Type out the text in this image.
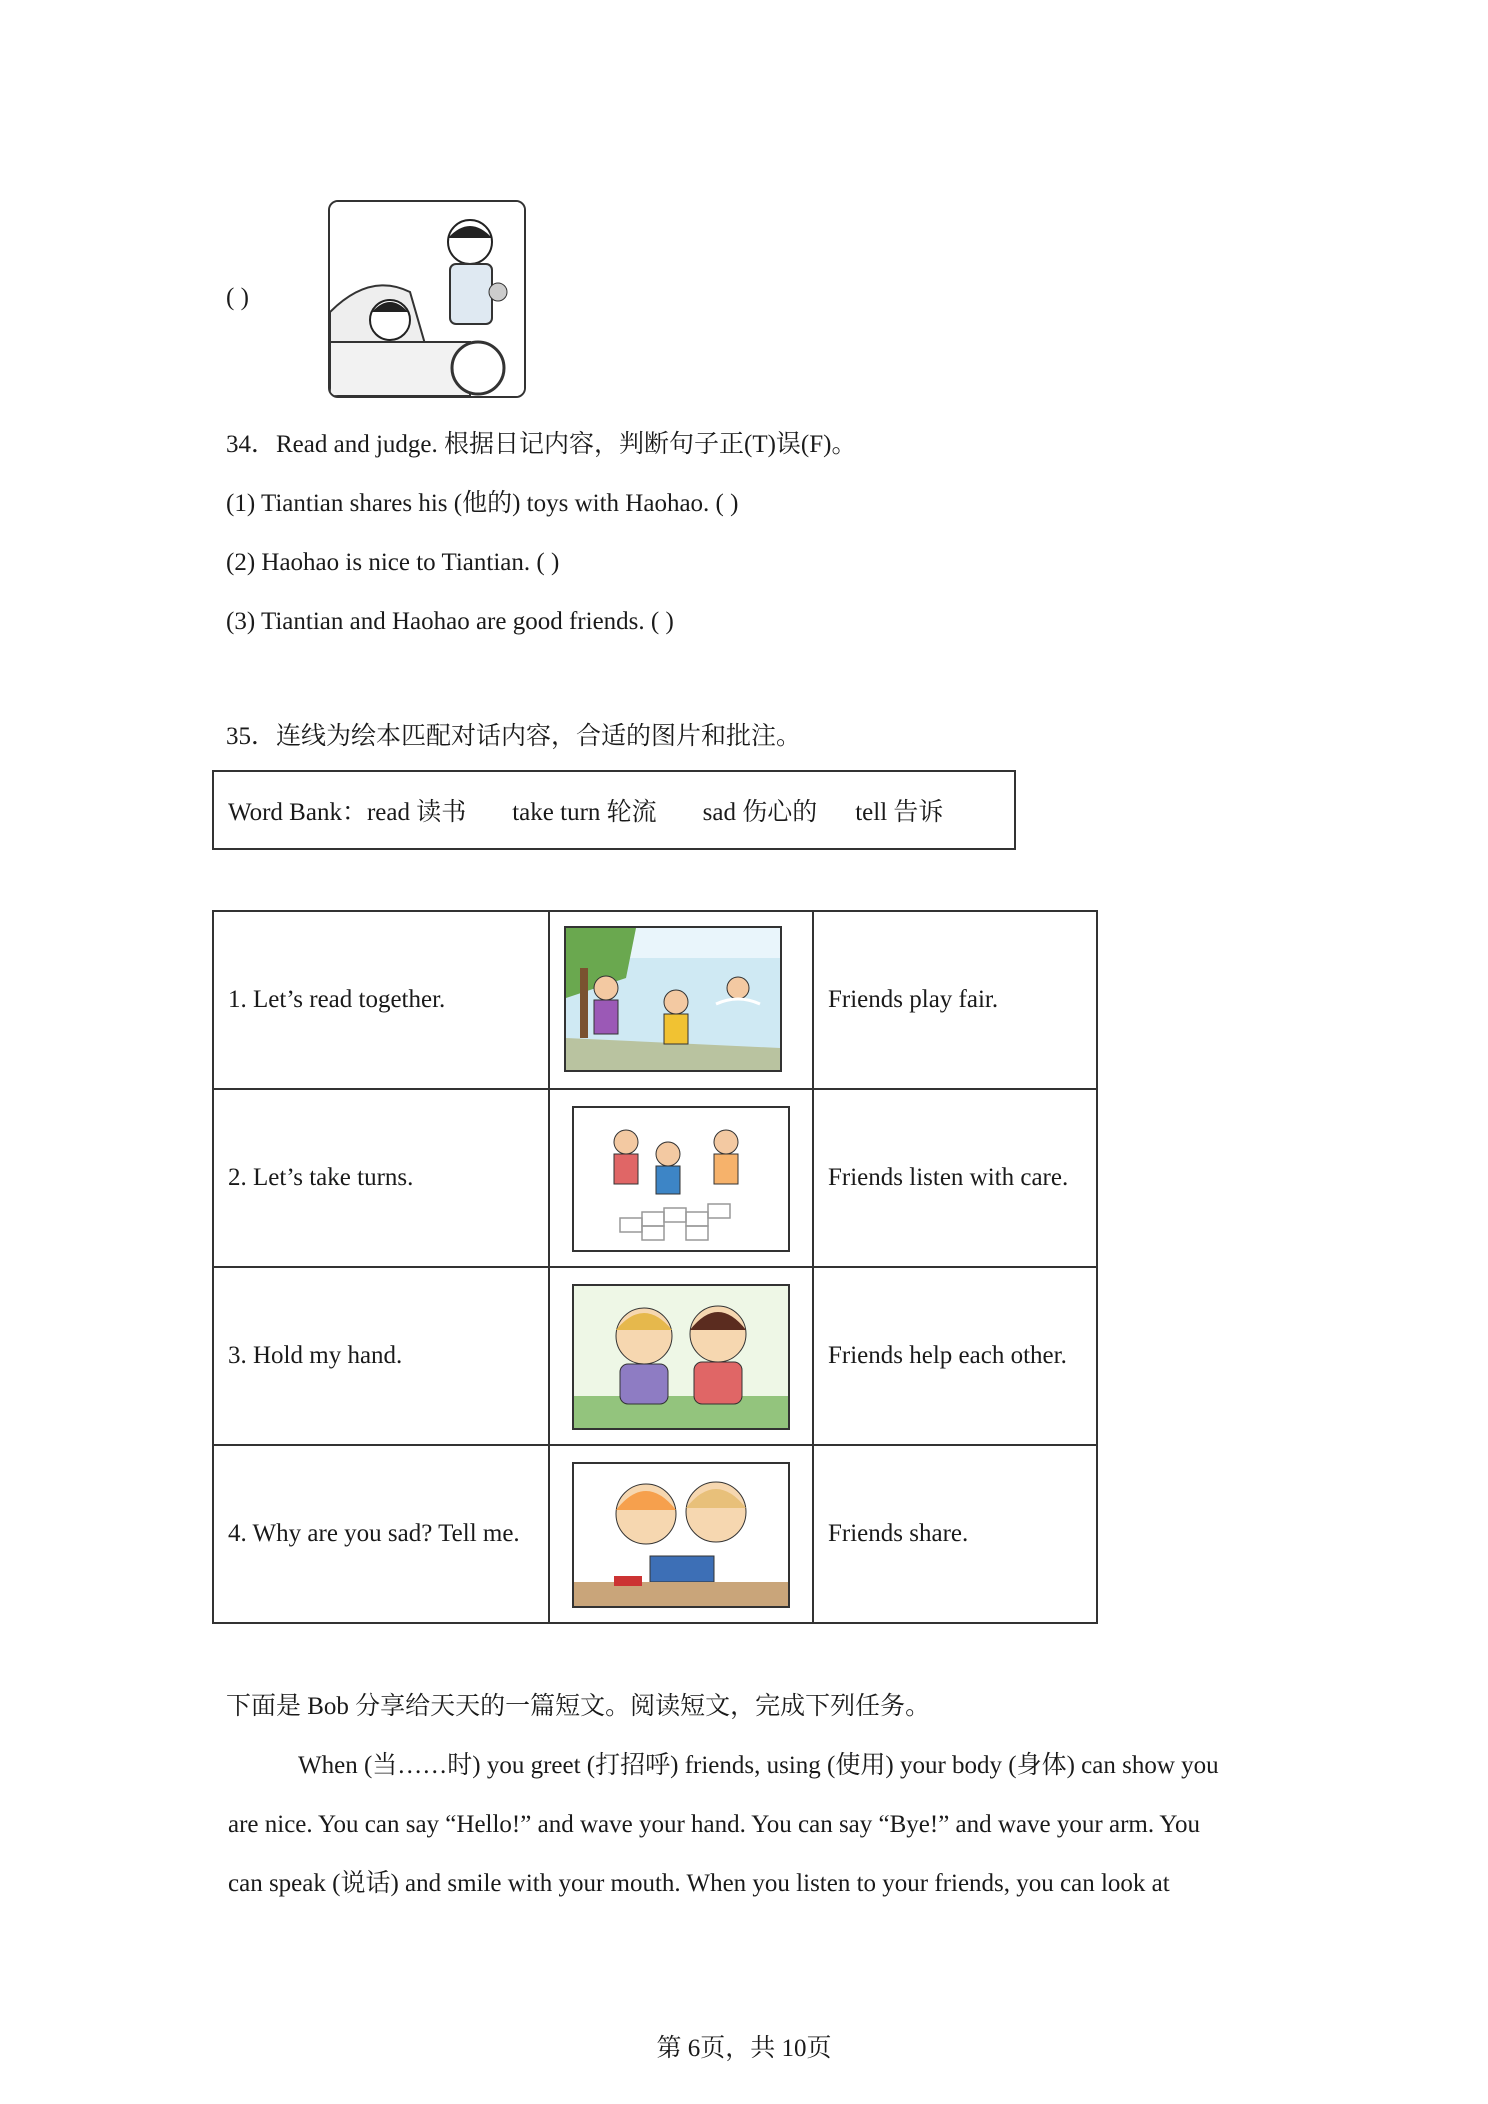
( )
34．Read and judge. 根据日记内容，判断句子正(T)误(F)。
(1) Tiantian shares his (他的) toys with Haohao. ( )
(2) Haohao is nice to Tiantian. ( )
(3) Tiantian and Haohao are good friends. ( )
35．连线为绘本匹配对话内容，合适的图片和批注。
Word Bank： read 读书 take turn 轮流 sad 伤心的 tell 告诉
1. Let’s read together.		Friends play fair.
2. Let’s take turns.		Friends listen with care.
3. Hold my hand.		Friends help each other.
4. Why are you sad? Tell me.		Friends share.
下面是 Bob 分享给天天的一篇短文。阅读短文，完成下列任务。
When (当……时) you greet (打招呼) friends, using (使用) your body (身体) can show you
are nice. You can say “Hello!” and wave your hand. You can say “Bye!” and wave your arm. You
can speak (说话) and smile with your mouth. When you listen to your friends, you can look at
第 6页，共 10页
